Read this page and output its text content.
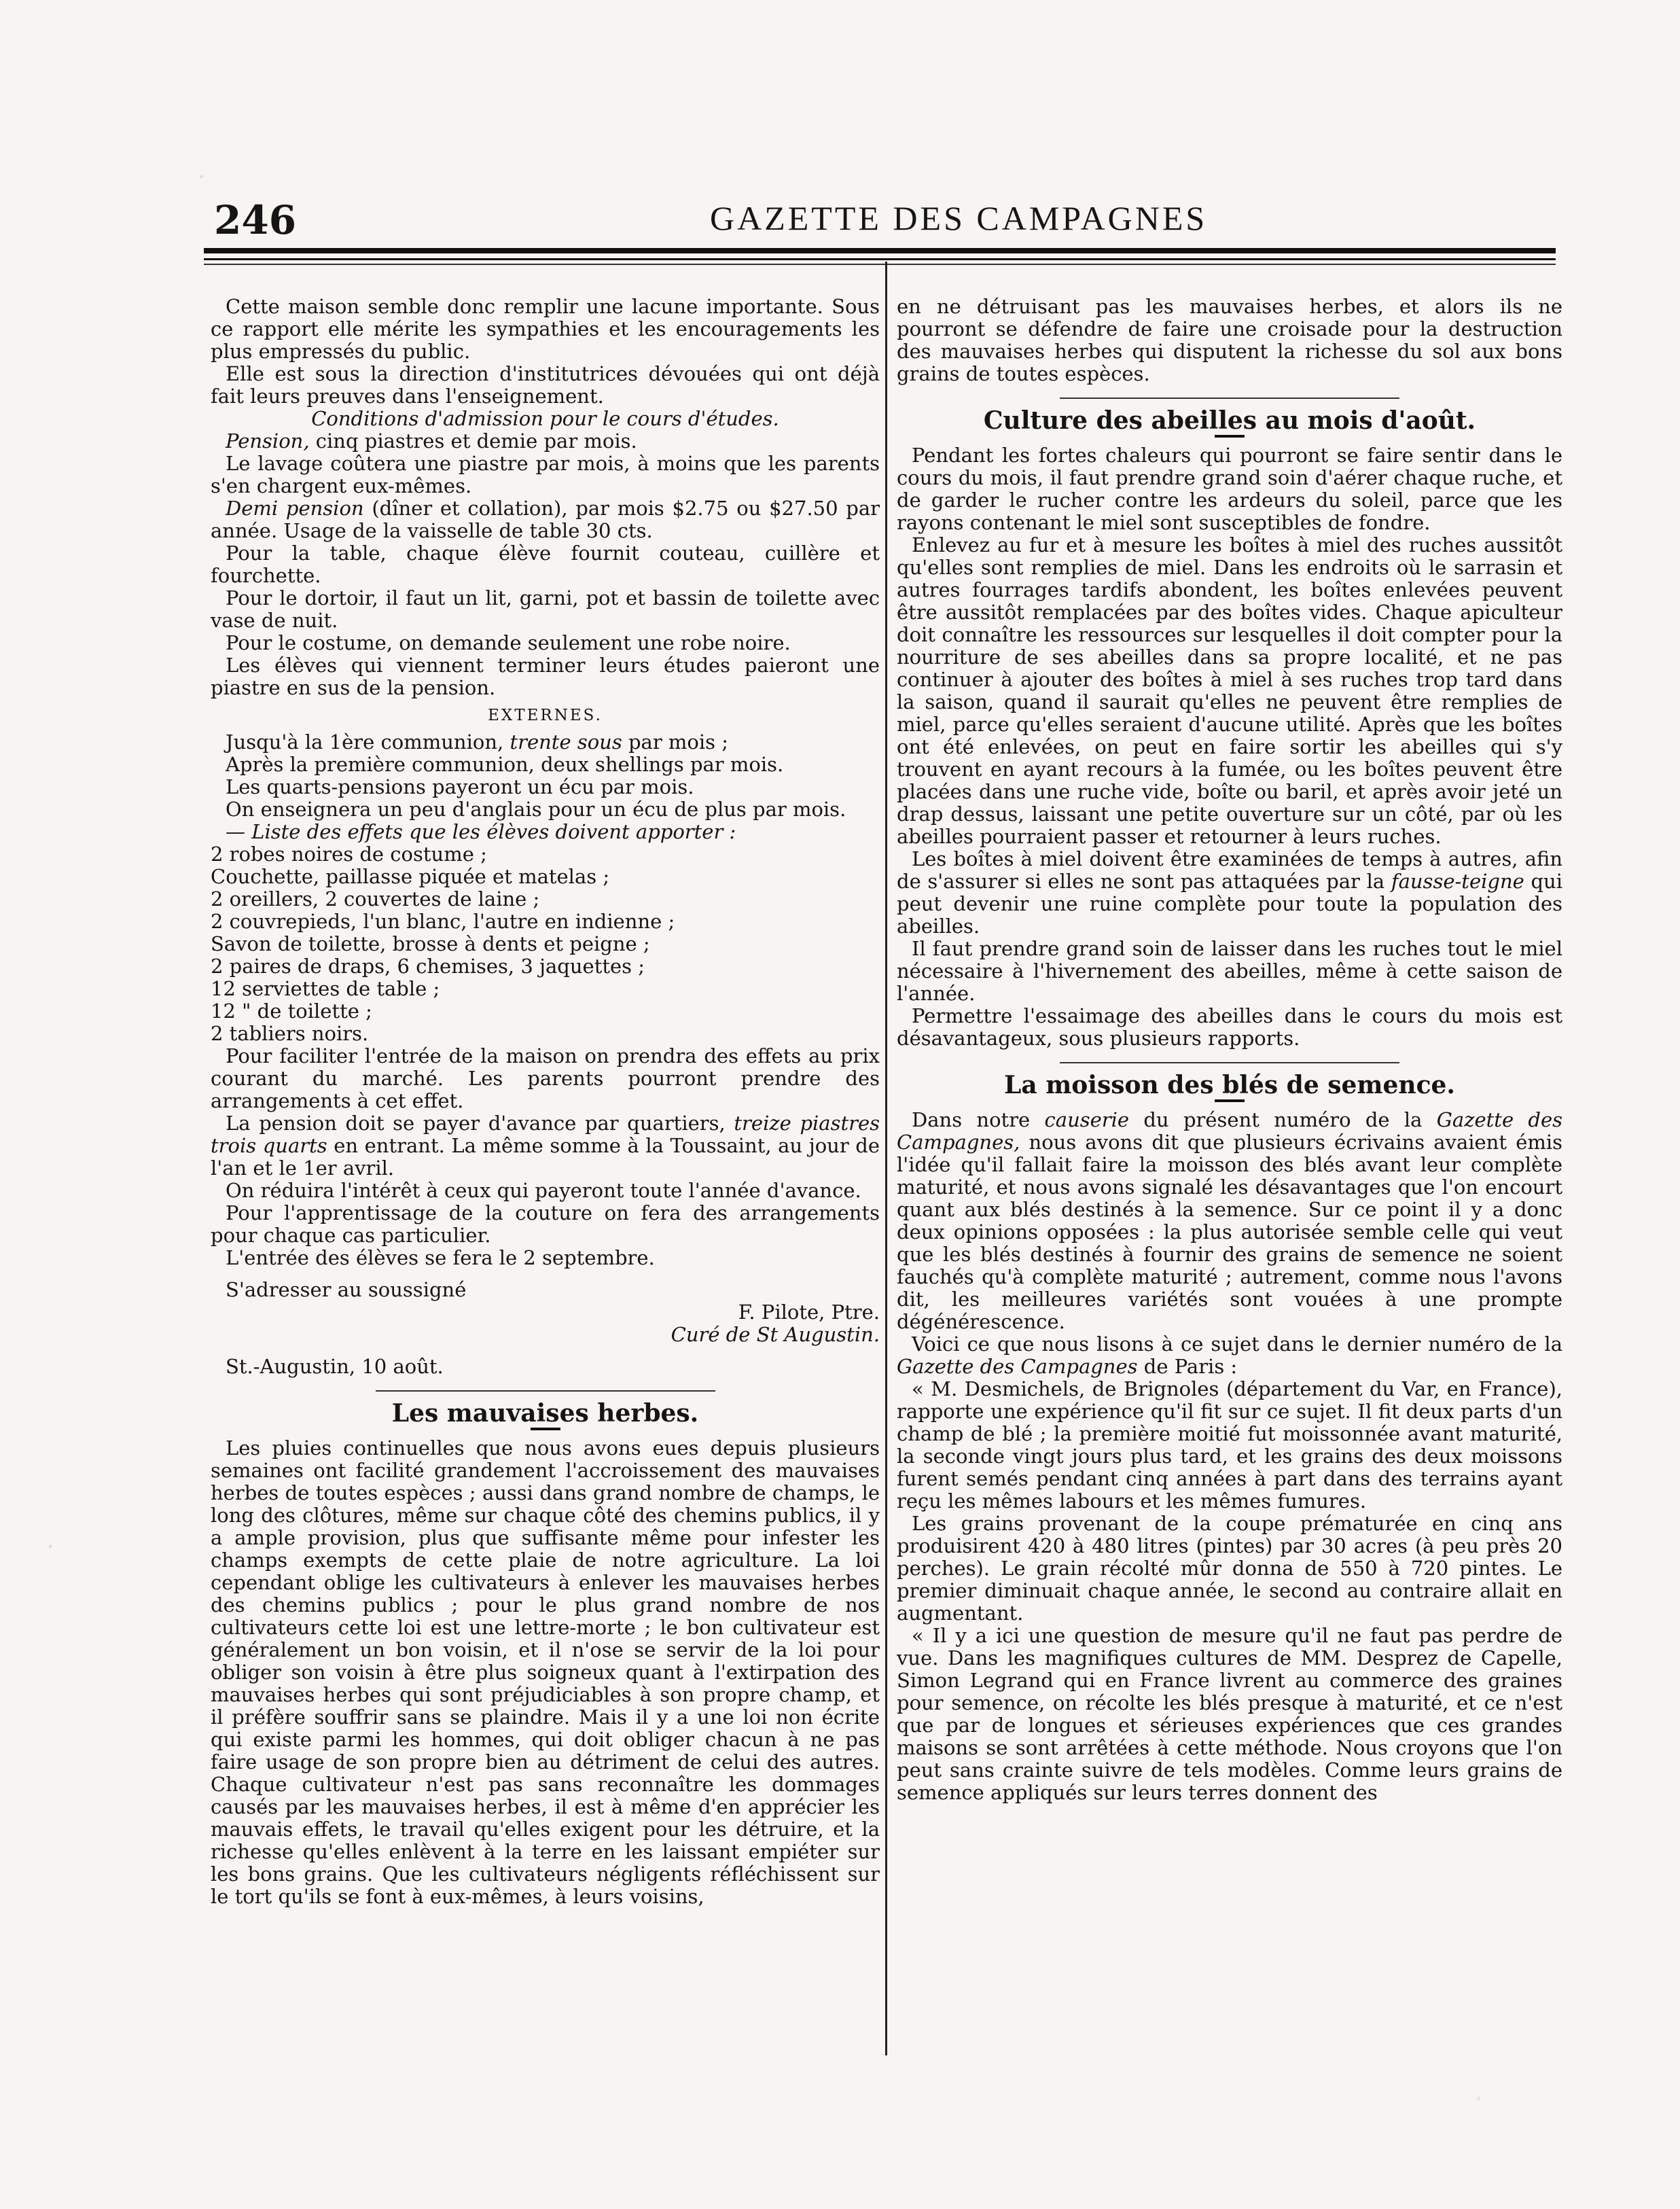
246	GAZETTE DES CAMPAGNES

Cette maison semble donc remplir une lacune importante. Sous ce rapport elle mérite les sympathies et les encouragements les plus empressés du public.

Elle est sous la direction d'institutrices dévouées qui ont déjà fait leurs preuves dans l'enseignement.

Conditions d'admission pour le cours d'études.

Pension, cinq piastres et demie par mois.

Le lavage coûtera une piastre par mois, à moins que les parents s'en chargent eux-mêmes.

Demi pension (dîner et collation), par mois $2.75 ou $27.50 par année. Usage de la vaisselle de table 30 cts.

Pour la table, chaque élève fournit couteau, cuillère et fourchette.

Pour le dortoir, il faut un lit, garni, pot et bassin de toilette avec vase de nuit.

Pour le costume, on demande seulement une robe noire.

Les élèves qui viennent terminer leurs études paieront une piastre en sus de la pension.

EXTERNES.

Jusqu'à la 1ère communion, trente sous par mois ;

Après la première communion, deux shellings par mois.

Les quarts-pensions payeront un écu par mois.

On enseignera un peu d'anglais pour un écu de plus par mois.

— Liste des effets que les élèves doivent apporter :

2 robes noires de costume ;

Couchette, paillasse piquée et matelas ;

2 oreillers, 2 couvertes de laine ;

2 couvrepieds, l'un blanc, l'autre en indienne ;

Savon de toilette, brosse à dents et peigne ;

2 paires de draps, 6 chemises, 3 jaquettes ;

12 serviettes de table ;

12 " de toilette ;

2 tabliers noirs.

Pour faciliter l'entrée de la maison on prendra des effets au prix courant du marché. Les parents pourront prendre des arrangements à cet effet.

La pension doit se payer d'avance par quartiers, treize piastres trois quarts en entrant. La même somme à la Toussaint, au jour de l'an et le 1er avril.

On réduira l'intérêt à ceux qui payeront toute l'année d'avance.

Pour l'apprentissage de la couture on fera des arrangements pour chaque cas particulier.

L'entrée des élèves se fera le 2 septembre.

S'adresser au soussigné

F. Pilote, Ptre.
Curé de St Augustin.

St.-Augustin, 10 août.

Les mauvaises herbes.

Les pluies continuelles que nous avons eues depuis plusieurs semaines ont facilité grandement l'accroissement des mauvaises herbes de toutes espèces ; aussi dans grand nombre de champs, le long des clôtures, même sur chaque côté des chemins publics, il y a ample provision, plus que suffisante même pour infester les champs exempts de cette plaie de notre agriculture. La loi cependant oblige les cultivateurs à enlever les mauvaises herbes des chemins publics ; pour le plus grand nombre de nos cultivateurs cette loi est une lettre-morte ; le bon cultivateur est généralement un bon voisin, et il n'ose se servir de la loi pour obliger son voisin à être plus soigneux quant à l'extirpation des mauvaises herbes qui sont préjudiciables à son propre champ, et il préfère souffrir sans se plaindre. Mais il y a une loi non écrite qui existe parmi les hommes, qui doit obliger chacun à ne pas faire usage de son propre bien au détriment de celui des autres. Chaque cultivateur n'est pas sans reconnaître les dommages causés par les mauvaises herbes, il est à même d'en apprécier les mauvais effets, le travail qu'elles exigent pour les détruire, et la richesse qu'elles enlèvent à la terre en les laissant empiéter sur les bons grains. Que les cultivateurs négligents réfléchissent sur le tort qu'ils se font à eux-mêmes, à leurs voisins,

en ne détruisant pas les mauvaises herbes, et alors ils ne pourront se défendre de faire une croisade pour la destruction des mauvaises herbes qui disputent la richesse du sol aux bons grains de toutes espèces.

Culture des abeilles au mois d'août.

Pendant les fortes chaleurs qui pourront se faire sentir dans le cours du mois, il faut prendre grand soin d'aérer chaque ruche, et de garder le rucher contre les ardeurs du soleil, parce que les rayons contenant le miel sont susceptibles de fondre.

Enlevez au fur et à mesure les boîtes à miel des ruches aussitôt qu'elles sont remplies de miel. Dans les endroits où le sarrasin et autres fourrages tardifs abondent, les boîtes enlevées peuvent être aussitôt remplacées par des boîtes vides. Chaque apiculteur doit connaître les ressources sur lesquelles il doit compter pour la nourriture de ses abeilles dans sa propre localité, et ne pas continuer à ajouter des boîtes à miel à ses ruches trop tard dans la saison, quand il saurait qu'elles ne peuvent être remplies de miel, parce qu'elles seraient d'aucune utilité. Après que les boîtes ont été enlevées, on peut en faire sortir les abeilles qui s'y trouvent en ayant recours à la fumée, ou les boîtes peuvent être placées dans une ruche vide, boîte ou baril, et après avoir jeté un drap dessus, laissant une petite ouverture sur un côté, par où les abeilles pourraient passer et retourner à leurs ruches.

Les boîtes à miel doivent être examinées de temps à autres, afin de s'assurer si elles ne sont pas attaquées par la fausse-teigne qui peut devenir une ruine complète pour toute la population des abeilles.

Il faut prendre grand soin de laisser dans les ruches tout le miel nécessaire à l'hivernement des abeilles, même à cette saison de l'année.

Permettre l'essaimage des abeilles dans le cours du mois est désavantageux, sous plusieurs rapports.

La moisson des blés de semence.

Dans notre causerie du présent numéro de la Gazette des Campagnes, nous avons dit que plusieurs écrivains avaient émis l'idée qu'il fallait faire la moisson des blés avant leur complète maturité, et nous avons signalé les désavantages que l'on encourt quant aux blés destinés à la semence. Sur ce point il y a donc deux opinions opposées : la plus autorisée semble celle qui veut que les blés destinés à fournir des grains de semence ne soient fauchés qu'à complète maturité ; autrement, comme nous l'avons dit, les meilleures variétés sont vouées à une prompte dégénérescence.

Voici ce que nous lisons à ce sujet dans le dernier numéro de la Gazette des Campagnes de Paris :

« M. Desmichels, de Brignoles (département du Var, en France), rapporte une expérience qu'il fit sur ce sujet. Il fit deux parts d'un champ de blé ; la première moitié fut moissonnée avant maturité, la seconde vingt jours plus tard, et les grains des deux moissons furent semés pendant cinq années à part dans des terrains ayant reçu les mêmes labours et les mêmes fumures.

Les grains provenant de la coupe prématurée en cinq ans produisirent 420 à 480 litres (pintes) par 30 acres (à peu près 20 perches). Le grain récolté mûr donna de 550 à 720 pintes. Le premier diminuait chaque année, le second au contraire allait en augmentant.

« Il y a ici une question de mesure qu'il ne faut pas perdre de vue. Dans les magnifiques cultures de MM. Desprez de Capelle, Simon Legrand qui en France livrent au commerce des graines pour semence, on récolte les blés presque à maturité, et ce n'est que par de longues et sérieuses expériences que ces grandes maisons se sont arrêtées à cette méthode. Nous croyons que l'on peut sans crainte suivre de tels modèles. Comme leurs grains de semence appliqués sur leurs terres donnent des
